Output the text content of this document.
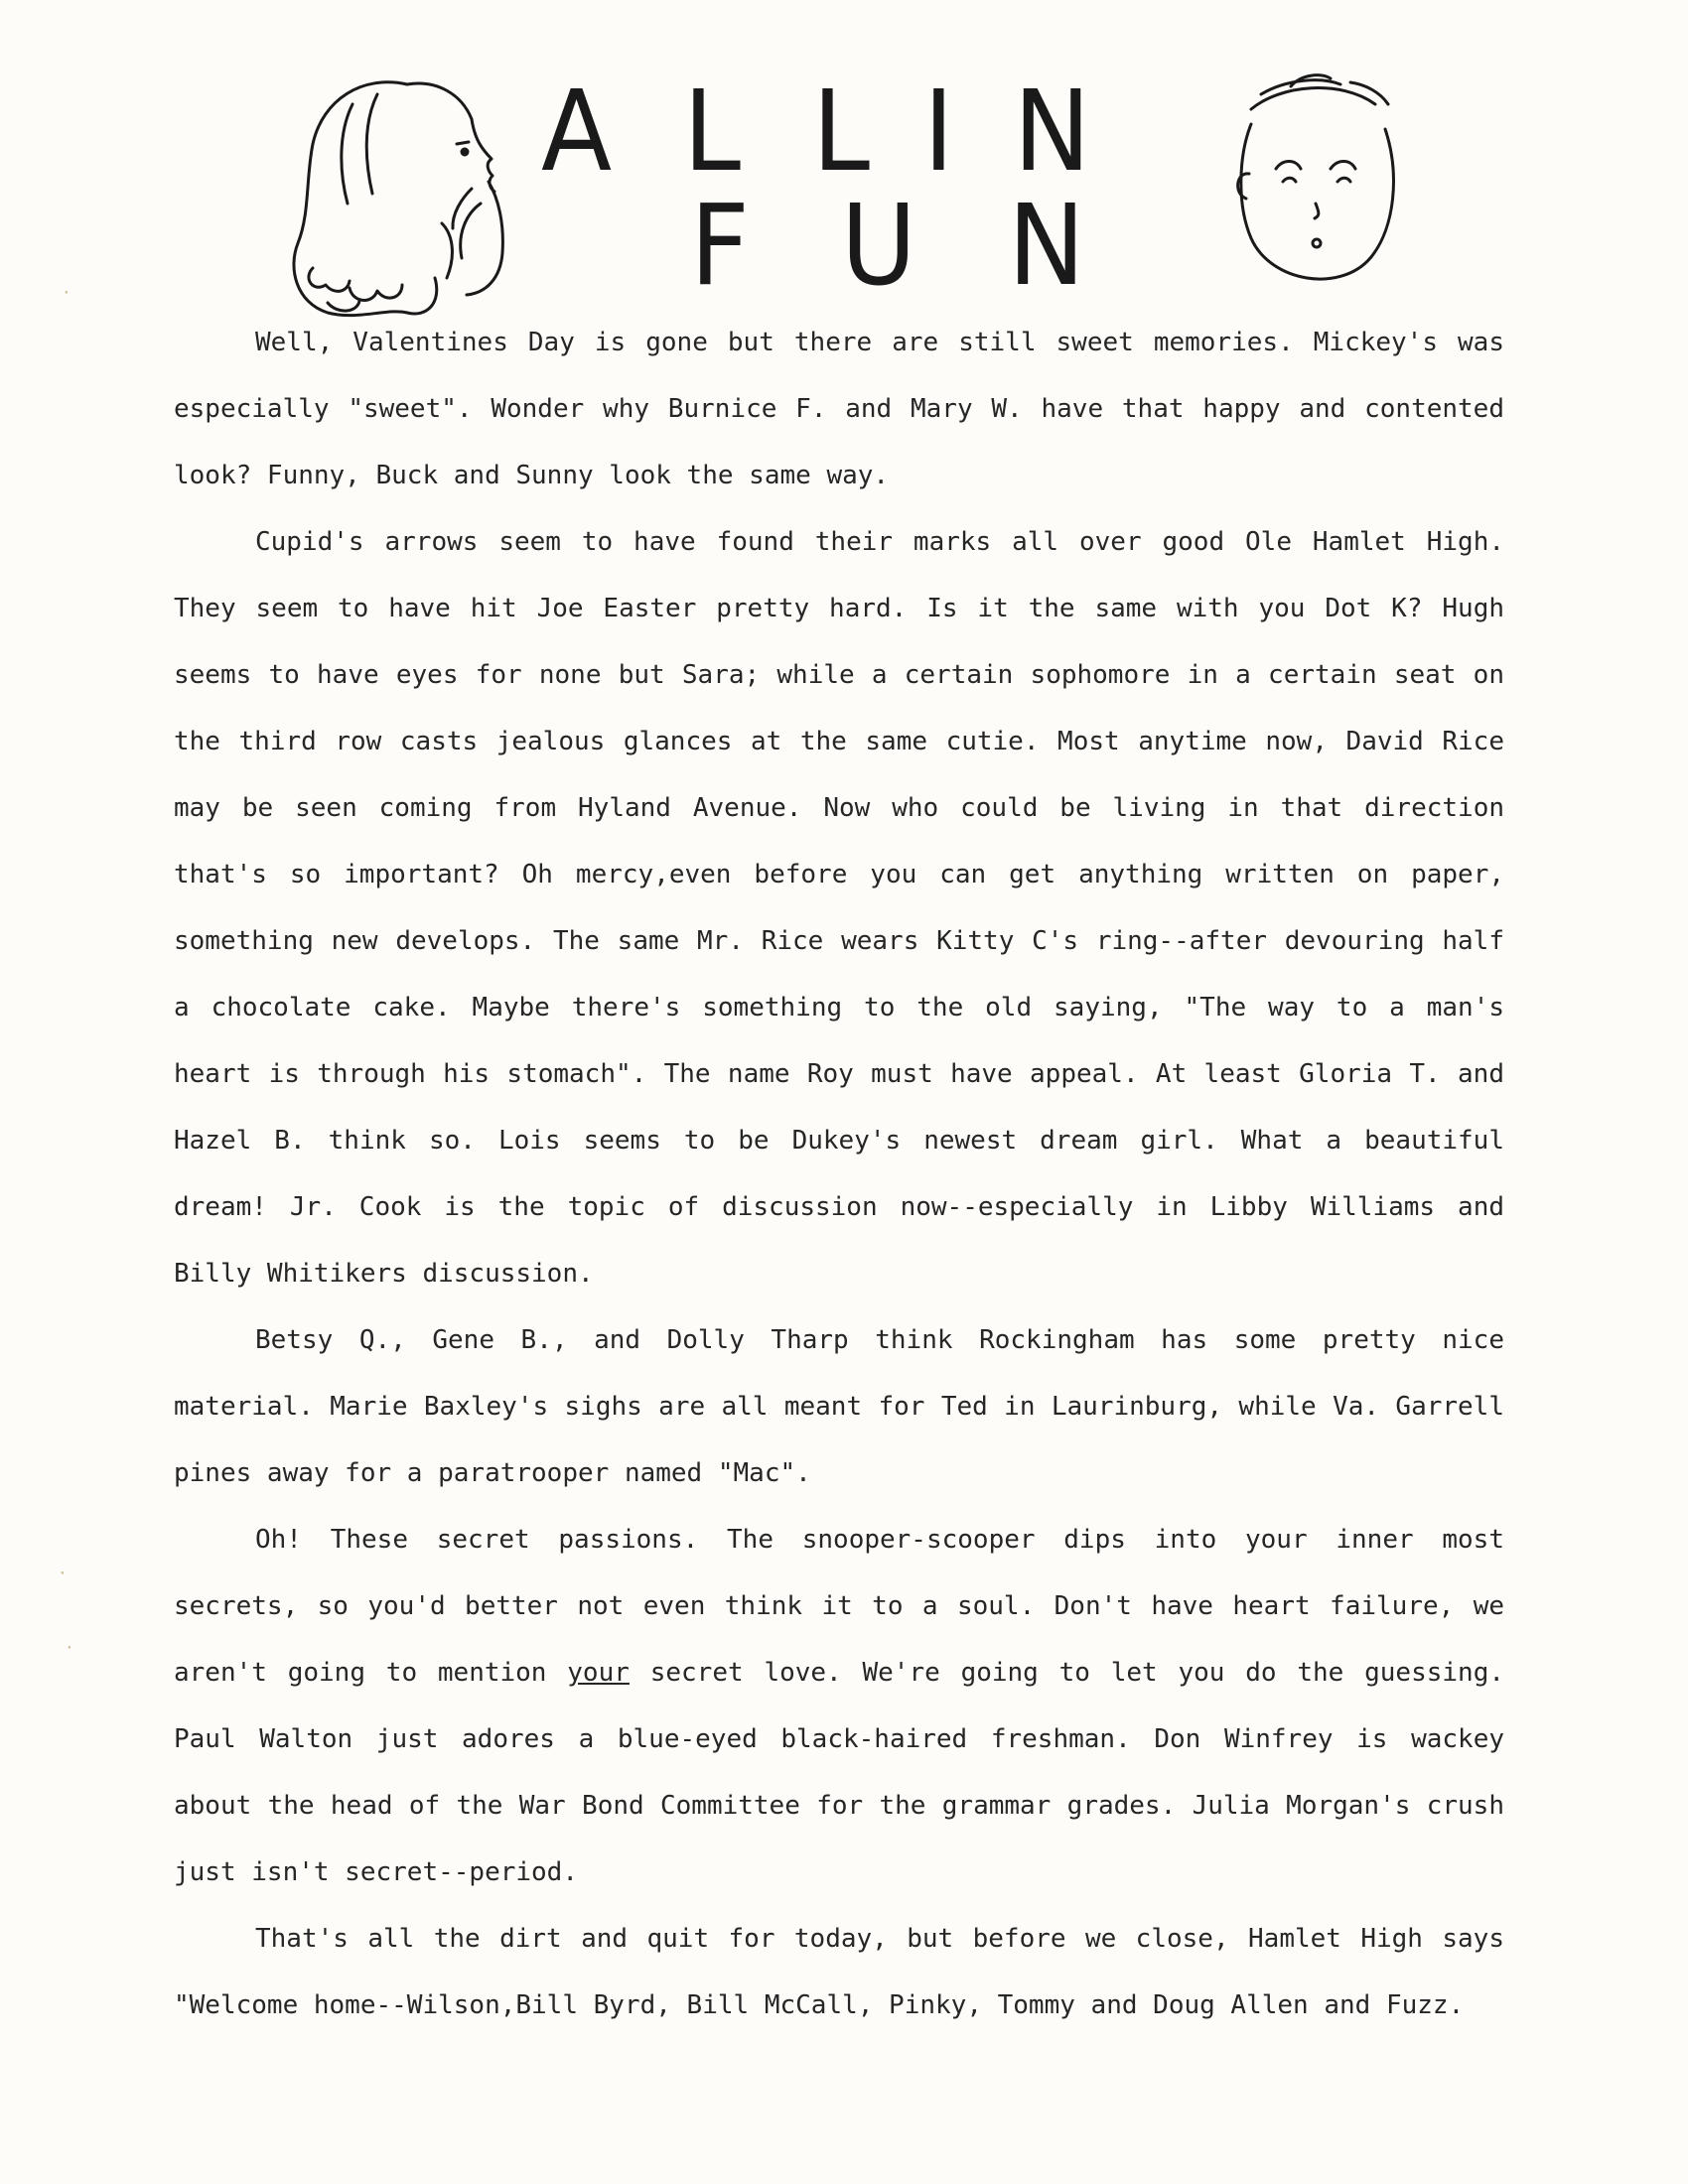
ALL
IN
FUN
·
·
·

Well, Valentines Day is gone but there are still sweet memories. Mickey's was especially "sweet". Wonder why Burnice F. and Mary W. have that happy and contented look? Funny, Buck and Sunny look the same way.

Cupid's arrows seem to have found their marks all over good Ole Hamlet High. They seem to have hit Joe Easter pretty hard. Is it the same with you Dot K? Hugh seems to have eyes for none but Sara; while a certain sophomore in a certain seat on the third row casts jealous glances at the same cutie. Most anytime now, David Rice may be seen coming from Hyland Avenue. Now who could be living in that direction that's so important? Oh mercy,even before you can get anything written on paper, something new develops. The same Mr. Rice wears Kitty C's ring--after devouring half a chocolate cake. Maybe there's something to the old saying, "The way to a man's heart is through his stomach". The name Roy must have appeal. At least Gloria T. and Hazel B. think so. Lois seems to be Dukey's newest dream girl. What a beautiful dream! Jr. Cook is the topic of discussion now--especially in Libby Williams and Billy Whitikers discussion.

Betsy Q., Gene B., and Dolly Tharp think Rockingham has some pretty nice material. Marie Baxley's sighs are all meant for Ted in Laurinburg, while Va. Garrell pines away for a paratrooper named "Mac".

Oh! These secret passions. The snooper-scooper dips into your inner most secrets, so you'd better not even think it to a soul. Don't have heart failure, we aren't going to mention your secret love. We're going to let you do the guessing. Paul Walton just adores a blue-eyed black-haired freshman. Don Winfrey is wackey about the head of the War Bond Committee for the grammar grades. Julia Morgan's crush just isn't secret--period.

That's all the dirt and quit for today, but before we close, Hamlet High says "Welcome home--Wilson,Bill Byrd, Bill McCall, Pinky, Tommy and Doug Allen and Fuzz.
